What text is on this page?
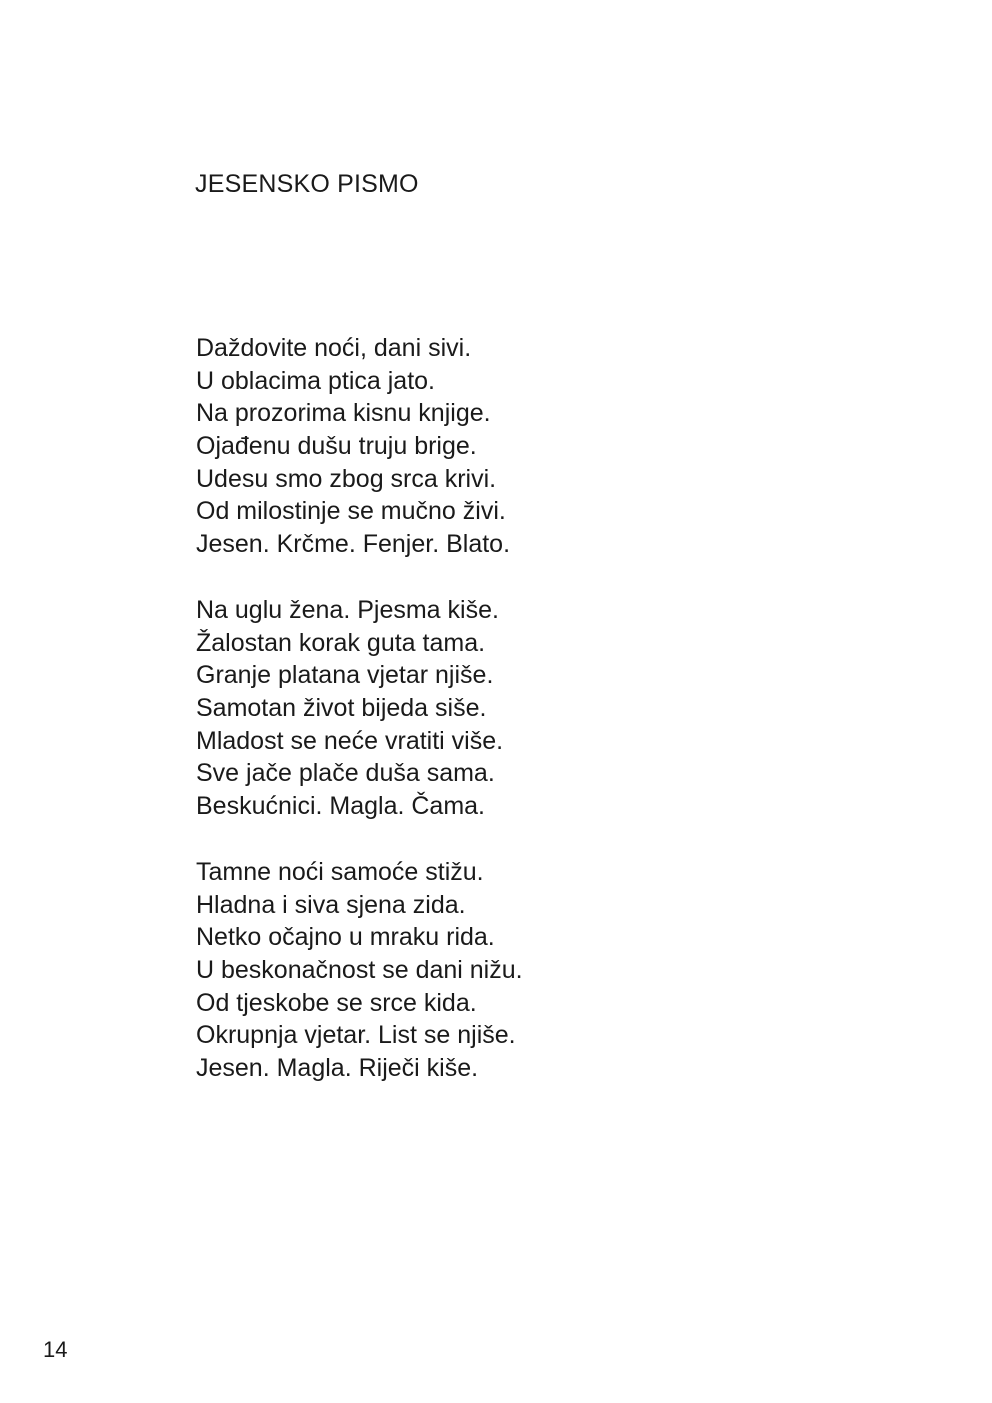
JESENSKO PISMO
Daždovite noći, dani sivi.
U oblacima ptica jato.
Na prozorima kisnu knjige.
Ojađenu dušu truju brige.
Udesu smo zbog srca krivi.
Od milostinje se mučno živi.
Jesen. Krčme. Fenjer. Blato.
Na uglu žena. Pjesma kiše.
Žalostan korak guta tama.
Granje platana vjetar njiše.
Samotan život bijeda siše.
Mladost se neće vratiti više.
Sve jače plače duša sama.
Beskućnici. Magla. Čama.
Tamne noći samoće stižu.
Hladna i siva sjena zida.
Netko očajno u mraku rida.
U beskonačnost se dani nižu.
Od tjeskobe se srce kida.
Okrupnja vjetar. List se njiše.
Jesen. Magla. Riječi kiše.
14
